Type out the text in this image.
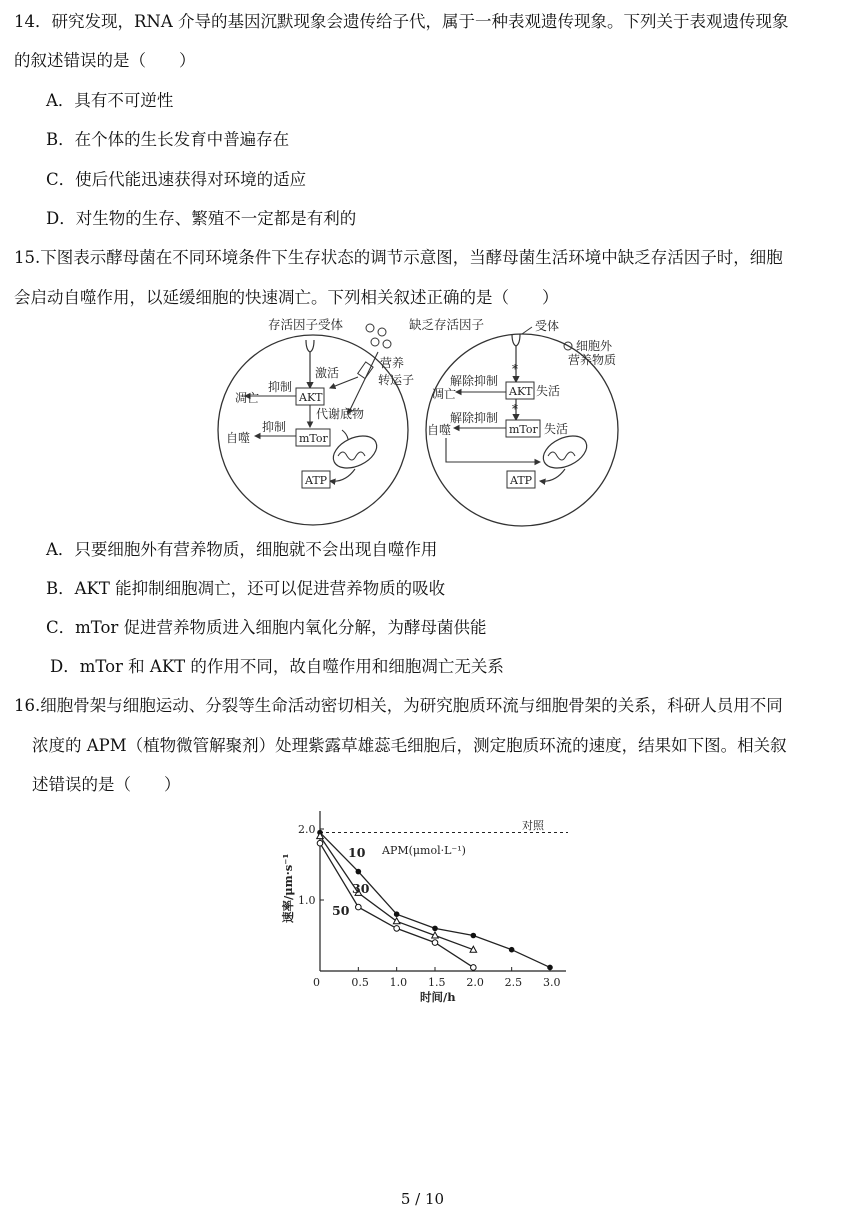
14．研究发现，RNA 介导的基因沉默现象会遗传给子代，属于一种表观遗传现象。下列关于表观遗传现象
的叙述错误的是（　　）
A．具有不可逆性
B．在个体的生长发育中普遍存在
C．使后代能迅速获得对环境的适应
D．对生物的生存、繁殖不一定都是有利的
15.下图表示酵母菌在不同环境条件下生存状态的调节示意图，当酵母菌生活环境中缺乏存活因子时，细胞
会启动自噬作用，以延缓细胞的快速凋亡。下列相关叙述正确的是（　　）
存活因子受体
激活
营养
转运子
AKT
抑制
凋亡
代谢底物
mTor
抑制
自噬
ATP
缺乏存活因子	受体
细胞外
营养物质
*
AKT 失活
解除抑制
凋亡
*
mTor 失活
解除抑制
自噬
ATP
A．只要细胞外有营养物质，细胞就不会出现自噬作用
B．AKT 能抑制细胞凋亡，还可以促进营养物质的吸收
C．mTor 促进营养物质进入细胞内氧化分解，为酵母菌供能
D．mTor 和 AKT 的作用不同，故自噬作用和细胞凋亡无关系
16.细胞骨架与细胞运动、分裂等生命活动密切相关，为研究胞质环流与细胞骨架的关系，科研人员用不同
浓度的 APM（植物微管解聚剂）处理紫露草雄蕊毛细胞后，测定胞质环流的速度，结果如下图。相关叙
述错误的是（　　）
对照
APM(μmol·L⁻¹)
时间/h
速率/μm·s⁻¹
0	0.5 1.0 1.5 2.0 2.5 3.0
1.0
2.0
10
30
50
5 / 10
